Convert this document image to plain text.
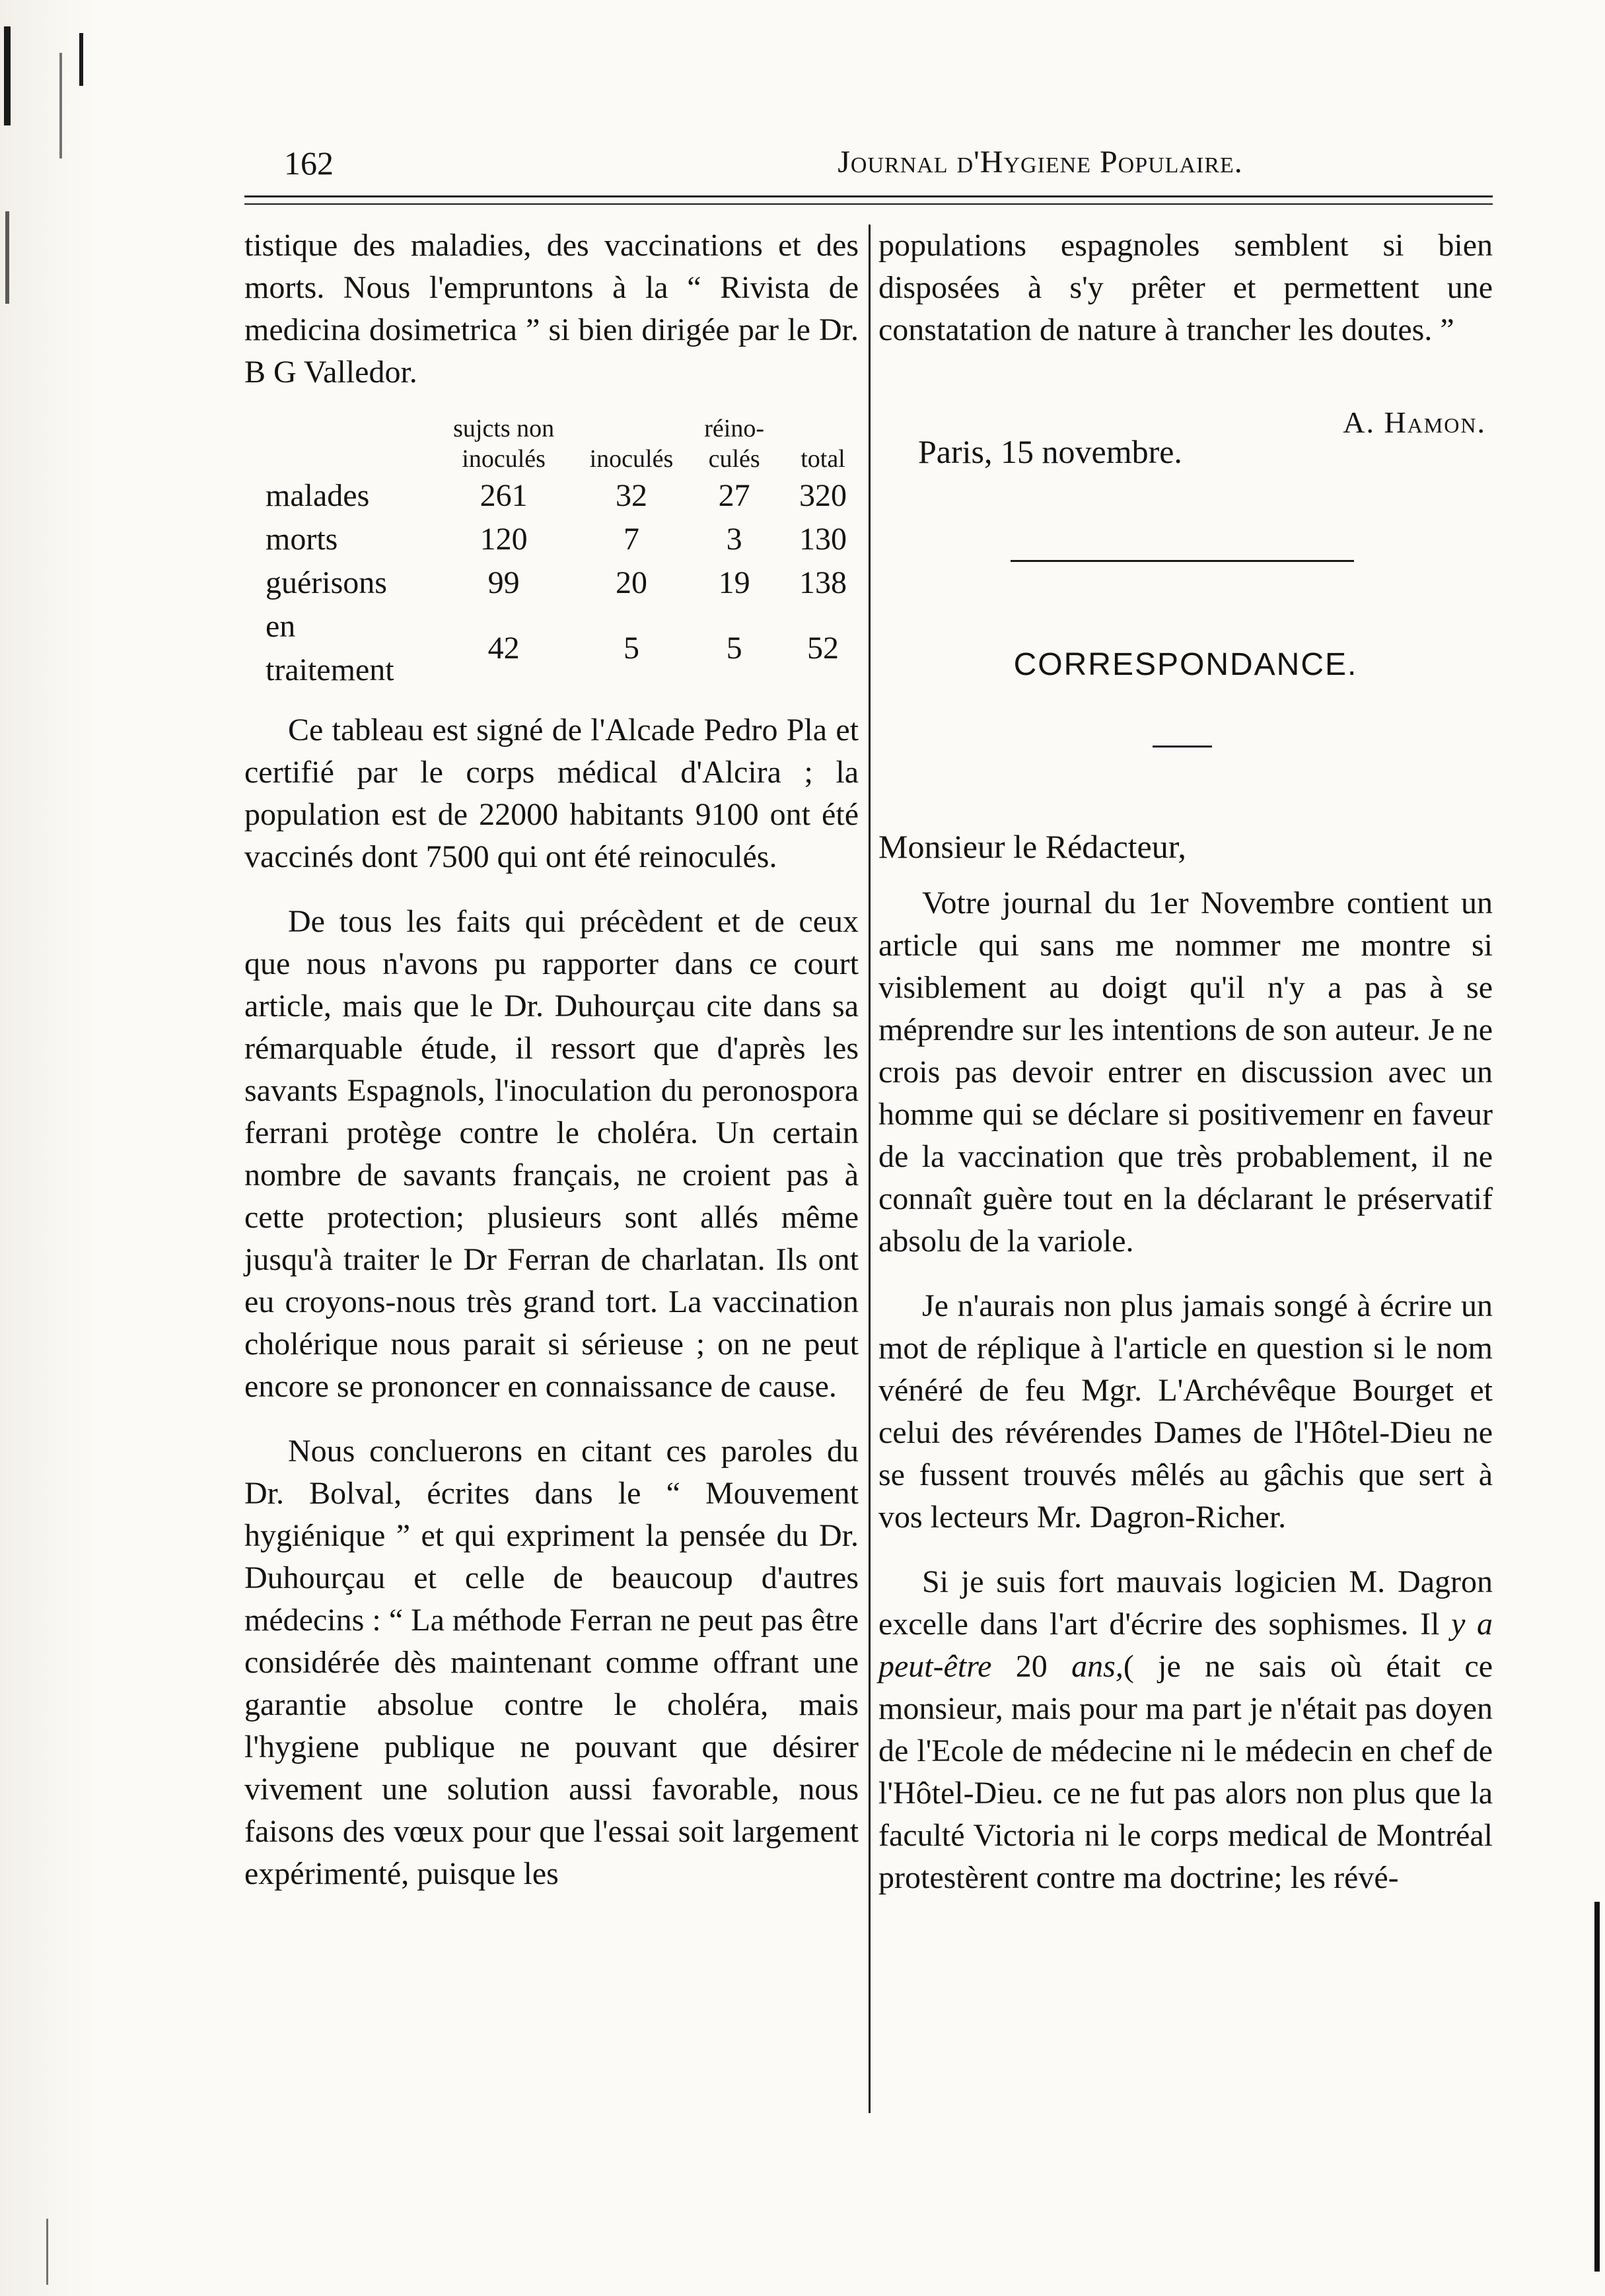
162	Journal d'Hygiene Populaire.

tistique des maladies, des vaccinations et des morts. Nous l'empruntons à la “ Rivista de medicina dosimetrica ” si bien dirigée par le Dr. B G Valledor.

	sujcts non inoculés	inoculés	réino- culés	total
malades	261	32	27	320
morts	120	7	3	130
guérisons	99	20	19	138
en traitement	42	5	5	52

Ce tableau est signé de l'Alcade Pedro Pla et certifié par le corps médical d'Alcira ; la population est de 22000 habitants 9100 ont été vaccinés dont 7500 qui ont été reinoculés.

De tous les faits qui précèdent et de ceux que nous n'avons pu rapporter dans ce court article, mais que le Dr. Duhourçau cite dans sa rémarquable étude, il ressort que d'après les savants Espagnols, l'inoculation du peronospora ferrani protège contre le choléra. Un certain nombre de savants français, ne croient pas à cette protection; plusieurs sont allés même jusqu'à traiter le Dr Ferran de charlatan. Ils ont eu croyons-nous très grand tort. La vaccination cholérique nous parait si sérieuse ; on ne peut encore se prononcer en connaissance de cause.

Nous concluerons en citant ces paroles du Dr. Bolval, écrites dans le “ Mouvement hygiénique ” et qui expriment la pensée du Dr. Duhourçau et celle de beaucoup d'autres médecins : “ La méthode Ferran ne peut pas être considérée dès maintenant comme offrant une garantie absolue contre le choléra, mais l'hygiene publique ne pouvant que désirer vivement une solution aussi favorable, nous faisons des vœux pour que l'essai soit largement expérimenté, puisque les

populations espagnoles semblent si bien disposées à s'y prêter et permettent une constatation de nature à trancher les doutes. ”

A. Hamon.
Paris, 15 novembre.
CORRESPONDANCE.

Monsieur le Rédacteur,

Votre journal du 1er Novembre contient un article qui sans me nommer me montre si visiblement au doigt qu'il n'y a pas à se méprendre sur les intentions de son auteur. Je ne crois pas devoir entrer en discussion avec un homme qui se déclare si positivemenr en faveur de la vaccination que très probablement, il ne connaît guère tout en la déclarant le préservatif absolu de la variole.

Je n'aurais non plus jamais songé à écrire un mot de réplique à l'article en question si le nom vénéré de feu Mgr. L'Archévêque Bourget et celui des révérendes Dames de l'Hôtel-Dieu ne se fussent trouvés mêlés au gâchis que sert à vos lecteurs Mr. Dagron-Richer.

Si je suis fort mauvais logicien M. Dagron excelle dans l'art d'écrire des sophismes. Il y a peut-être 20 ans,( je ne sais où était ce monsieur, mais pour ma part je n'était pas doyen de l'Ecole de médecine ni le médecin en chef de l'Hôtel-Dieu. ce ne fut pas alors non plus que la faculté Victoria ni le corps medical de Montréal protestèrent contre ma doctrine; les révé-
